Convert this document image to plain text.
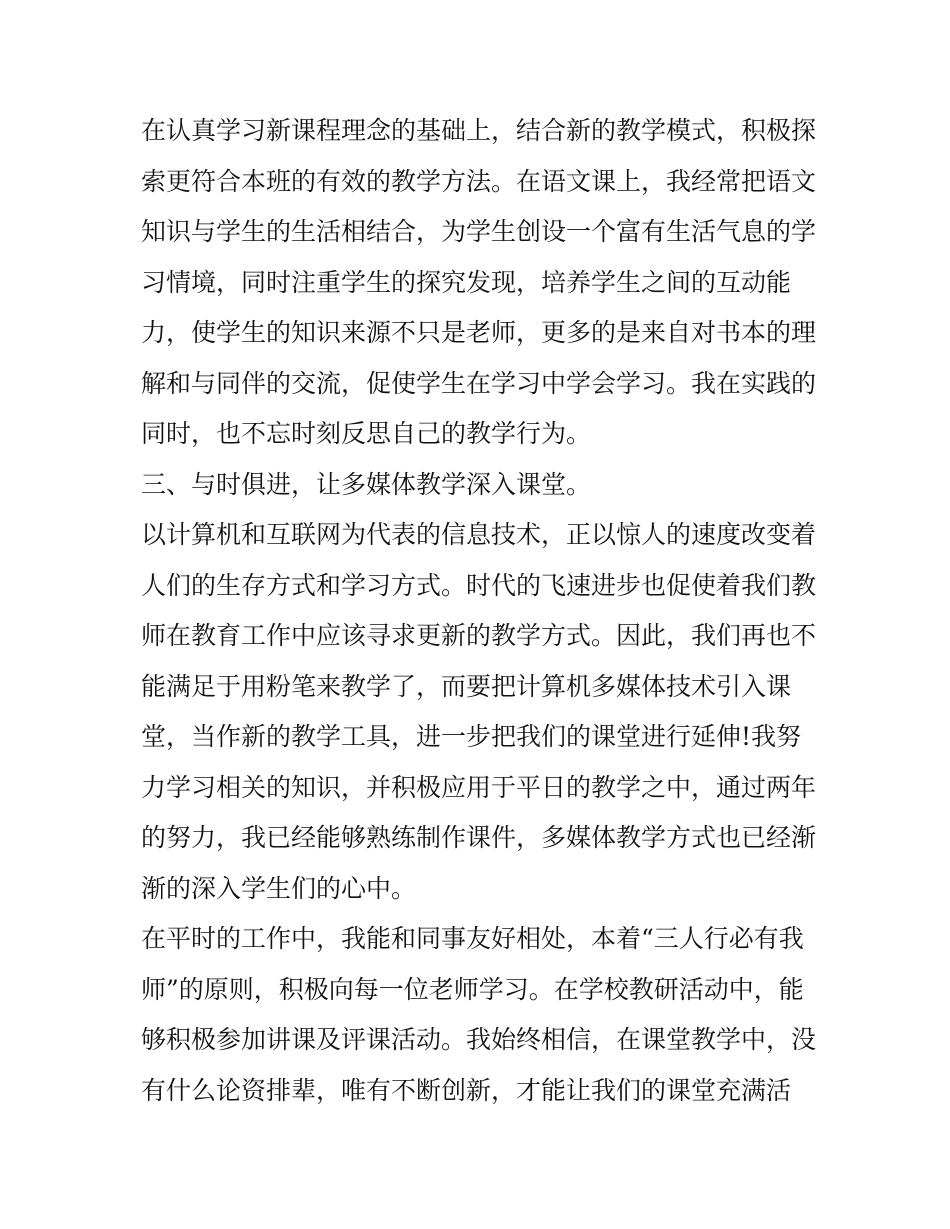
在认真学习新课程理念的基础上，结合新的教学模式，积极探
索更符合本班的有效的教学方法。在语文课上，我经常把语文
知识与学生的生活相结合，为学生创设一个富有生活气息的学
习情境，同时注重学生的探究发现，培养学生之间的互动能
力，使学生的知识来源不只是老师，更多的是来自对书本的理
解和与同伴的交流，促使学生在学习中学会学习。我在实践的
同时，也不忘时刻反思自己的教学行为。
三、与时俱进，让多媒体教学深入课堂。
以计算机和互联网为代表的信息技术，正以惊人的速度改变着
人们的生存方式和学习方式。时代的飞速进步也促使着我们教
师在教育工作中应该寻求更新的教学方式。因此，我们再也不
能满足于用粉笔来教学了，而要把计算机多媒体技术引入课
堂，当作新的教学工具，进一步把我们的课堂进行延伸!我努
力学习相关的知识，并积极应用于平日的教学之中，通过两年
的努力，我已经能够熟练制作课件，多媒体教学方式也已经渐
渐的深入学生们的心中。
在平时的工作中，我能和同事友好相处，本着“三人行必有我
师”的原则，积极向每一位老师学习。在学校教研活动中，能
够积极参加讲课及评课活动。我始终相信，在课堂教学中，没
有什么论资排辈，唯有不断创新，才能让我们的课堂充满活
